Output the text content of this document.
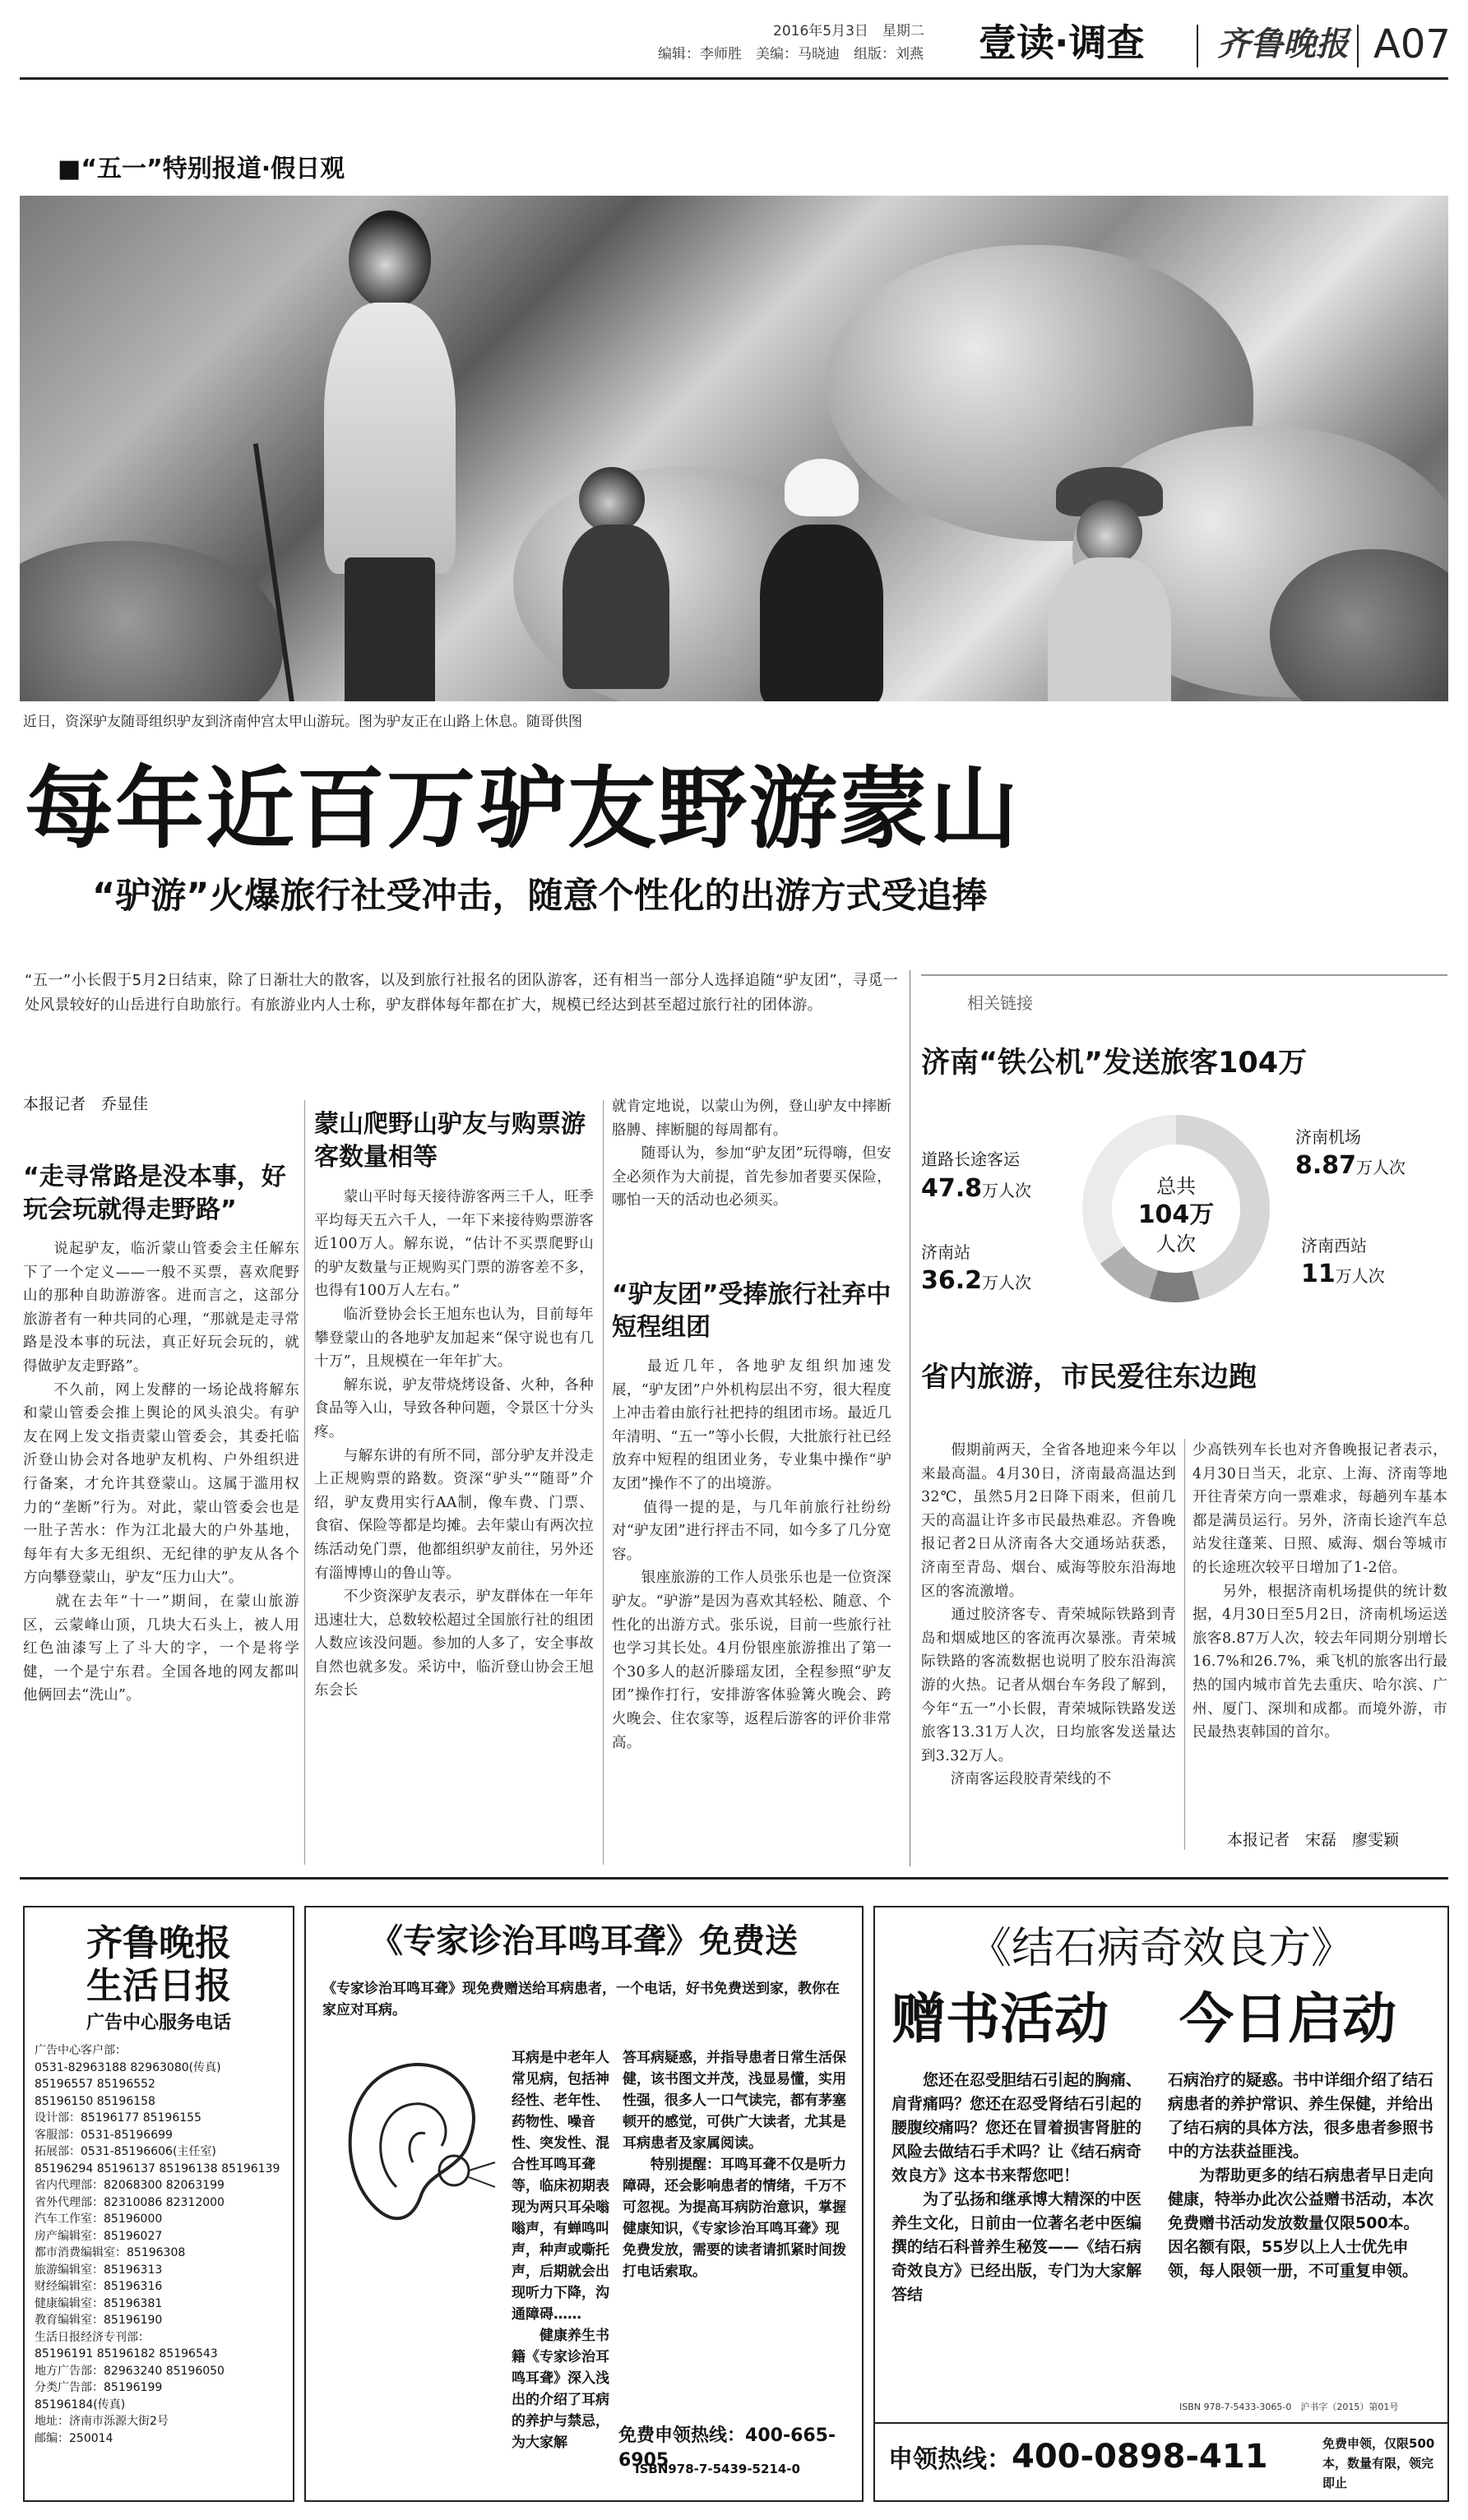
2016年5月3日　星期二
编辑：李师胜　美编：马晓迪　组版：刘燕 壹读·调查 齐鲁晚报 A07
■“五一”特别报道·假日观
近日，资深驴友随哥组织驴友到济南仲宫太甲山游玩。图为驴友正在山路上休息。随哥供图
每年近百万驴友野游蒙山
“驴游”火爆旅行社受冲击，随意个性化的出游方式受追捧
“五一”小长假于5月2日结束，除了日渐壮大的散客，以及到旅行社报名的团队游客，还有相当一部分人选择追随“驴友团”，寻觅一处风景较好的山岳进行自助旅行。有旅游业内人士称，驴友群体每年都在扩大，规模已经达到甚至超过旅行社的团体游。
本报记者　乔显佳
“走寻常路是没本事，好玩会玩就得走野路”
　　说起驴友，临沂蒙山管委会主任解东下了一个定义——一般不买票，喜欢爬野山的那种自助游游客。进而言之，这部分旅游者有一种共同的心理，“那就是走寻常路是没本事的玩法，真正好玩会玩的，就得做驴友走野路”。
　　不久前，网上发酵的一场论战将解东和蒙山管委会推上舆论的风头浪尖。有驴友在网上发文指责蒙山管委会，其委托临沂登山协会对各地驴友机构、户外组织进行备案，才允许其登蒙山。这属于滥用权力的“垄断”行为。对此，蒙山管委会也是一肚子苦水：作为江北最大的户外基地，每年有大多无组织、无纪律的驴友从各个方向攀登蒙山，驴友“压力山大”。
　　就在去年“十一”期间，在蒙山旅游区，云蒙峰山顶，几块大石头上，被人用红色油漆写上了斗大的字，一个是将学健，一个是宁东君。全国各地的网友都叫他俩回去“洗山”。
蒙山爬野山驴友与购票游客数量相等
　　蒙山平时每天接待游客两三千人，旺季平均每天五六千人，一年下来接待购票游客近100万人。解东说，“估计不买票爬野山的驴友数量与正规购买门票的游客差不多，也得有100万人左右。”
　　临沂登协会长王旭东也认为，目前每年攀登蒙山的各地驴友加起来“保守说也有几十万”，且规模在一年年扩大。
　　解东说，驴友带烧烤设备、火种，各种食品等入山，导致各种问题，令景区十分头疼。
　　与解东讲的有所不同，部分驴友并没走上正规购票的路数。资深“驴头”“随哥”介绍，驴友费用实行AA制，像车费、门票、食宿、保险等都是均摊。去年蒙山有两次拉练活动免门票，他都组织驴友前往，另外还有淄博博山的鲁山等。
　　不少资深驴友表示，驴友群体在一年年迅速壮大，总数较松超过全国旅行社的组团人数应该没问题。参加的人多了，安全事故自然也就多发。采访中，临沂登山协会王旭东会长
就肯定地说，以蒙山为例，登山驴友中摔断胳膊、摔断腿的每周都有。
　　随哥认为，参加“驴友团”玩得嗨，但安全必须作为大前提，首先参加者要买保险，哪怕一天的活动也必须买。
“驴友团”受捧旅行社弃中短程组团
　　最近几年，各地驴友组织加速发展，“驴友团”户外机构层出不穷，很大程度上冲击着由旅行社把持的组团市场。最近几年清明、“五一”等小长假，大批旅行社已经放弃中短程的组团业务，专业集中操作“驴友团”操作不了的出境游。
　　值得一提的是，与几年前旅行社纷纷对“驴友团”进行抨击不同，如今多了几分宽容。
　　银座旅游的工作人员张乐也是一位资深驴友。“驴游”是因为喜欢其轻松、随意、个性化的出游方式。张乐说，目前一些旅行社也学习其长处。4月份银座旅游推出了第一个30多人的赵沂滕瑶友团，全程参照“驴友团”操作打行，安排游客体验篝火晚会、跨火晚会、住农家等，返程后游客的评价非常高。
相关链接
济南“铁公机”发送旅客104万
总共
104万
人次
道路长途客运
47.8万人次
济南机场
8.87万人次
济南站
36.2万人次
济南西站
11万人次
省内旅游，市民爱往东边跑
　　假期前两天，全省各地迎来今年以来最高温。4月30日，济南最高温达到32℃，虽然5月2日降下雨来，但前几天的高温让许多市民最热难忍。齐鲁晚报记者2日从济南各大交通场站获悉，济南至青岛、烟台、威海等胶东沿海地区的客流激增。
　　通过胶济客专、青荣城际铁路到青岛和烟威地区的客流再次暴涨。青荣城际铁路的客流数据也说明了胶东沿海滨游的火热。记者从烟台车务段了解到，今年“五一”小长假，青荣城际铁路发送旅客13.31万人次，日均旅客发送量达到3.32万人。
　　济南客运段胶青荣线的不
少高铁列车长也对齐鲁晚报记者表示，4月30日当天，北京、上海、济南等地开往青荣方向一票难求，每趟列车基本都是满员运行。另外，济南长途汽车总站发往蓬莱、日照、威海、烟台等城市的长途班次较平日增加了1-2倍。
　　另外，根据济南机场提供的统计数据，4月30日至5月2日，济南机场运送旅客8.87万人次，较去年同期分别增长16.7%和26.7%，乘飞机的旅客出行最热的国内城市首先去重庆、哈尔滨、广州、厦门、深圳和成都。而境外游，市民最热衷韩国的首尔。
本报记者　宋磊　廖雯颖
齐鲁晚报
生活日报
广告中心服务电话
广告中心客户部：
0531-82963188 82963080(传真)
85196557 85196552
85196150 85196158
设计部：85196177 85196155
客服部：0531-85196699
拓展部：0531-85196606(主任室)
85196294 85196137 85196138 85196139
省内代理部：82068300 82063199
省外代理部：82310086 82312000
汽车工作室：85196000
房产编辑室：85196027
都市消费编辑室：85196308
旅游编辑室：85196313
财经编辑室：85196316
健康编辑室：85196381
教育编辑室：85196190
生活日报经济专刊部：
85196191 85196182 85196543
地方广告部：82963240 85196050
分类广告部：85196199
85196184(传真)
地址：济南市泺源大街2号
邮编：250014
《专家诊治耳鸣耳聋》免费送
《专家诊治耳鸣耳聋》现免费赠送给耳病患者，一个电话，好书免费送到家，教你在家应对耳病。
耳病是中老年人常见病，包括神经性、老年性、药物性、噪音性、突发性、混合性耳鸣耳聋等，临床初期表现为两只耳朵嗡嗡声，有蝉鸣叫声，种声或嘶托声，后期就会出现听力下降，沟通障碍……
　　健康养生书籍《专家诊治耳鸣耳聋》深入浅出的介绍了耳病的养护与禁忌，为大家解
答耳病疑惑，并指导患者日常生活保健，该书图文并茂，浅显易懂，实用性强，很多人一口气读完，都有茅塞顿开的感觉，可供广大读者，尤其是耳病患者及家属阅读。
　　特别提醒：耳鸣耳聋不仅是听力障碍，还会影响患者的情绪，千万不可忽视。为提高耳病防治意识，掌握健康知识，《专家诊治耳鸣耳聋》现免费发放，需要的读者请抓紧时间拨打电话索取。
免费申领热线：400-665-6905
ISBN978-7-5439-5214-0
《结石病奇效良方》
赠书活动 今日启动
　　您还在忍受胆结石引起的胸痛、肩背痛吗？您还在忍受肾结石引起的腰腹绞痛吗？您还在冒着损害肾脏的风险去做结石手术吗？让《结石病奇效良方》这本书来帮您吧！
　　为了弘扬和继承博大精深的中医养生文化，日前由一位著名老中医编撰的结石科普养生秘笈——《结石病奇效良方》已经出版，专门为大家解答结
石病治疗的疑惑。书中详细介绍了结石病患者的养护常识、养生保健，并给出了结石病的具体方法，很多患者参照书中的方法获益匪浅。
　　为帮助更多的结石病患者早日走向健康，特举办此次公益赠书活动，本次免费赠书活动发放数量仅限500本。因名额有限，55岁以上人士优先申领，每人限领一册，不可重复申领。
ISBN 978-7-5433-3065-0　沪书字（2015）第01号
申领热线：400-0898-411	免费申领，仅限500本，数量有限，领完即止
